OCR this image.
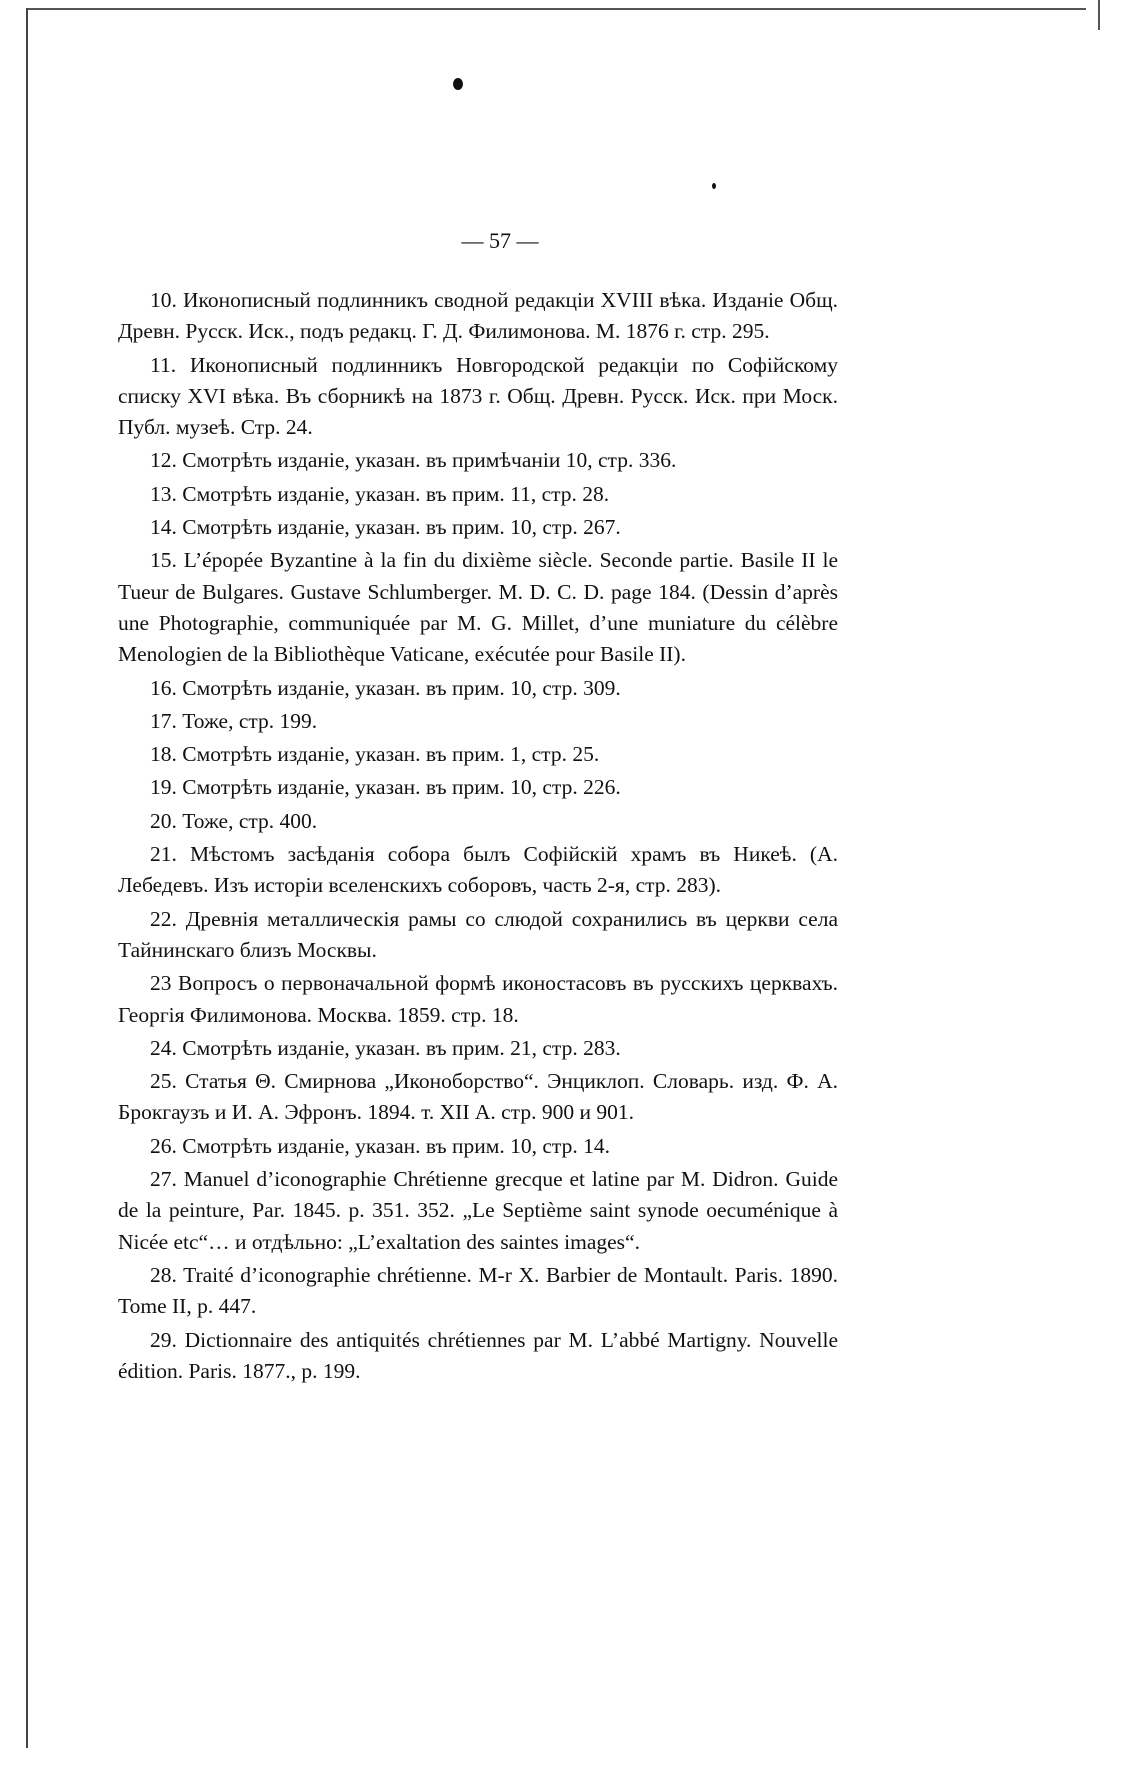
— 57 —

10. Иконописный подлинникъ сводной редакціи XVIII вѣка. Изданіе Общ. Древн. Русск. Иск., подъ редакц. Г. Д. Филимонова. М. 1876 г. стр. 295.

11. Иконописный подлинникъ Новгородской редакціи по Софійскому списку XVI вѣка. Въ сборникѣ на 1873 г. Общ. Древн. Русск. Иск. при Моск. Публ. музеѣ. Стр. 24.

12. Смотрѣть изданіе, указан. въ примѣчаніи 10, стр. 336.

13. Смотрѣть изданіе, указан. въ прим. 11, стр. 28.

14. Смотрѣть изданіе, указан. въ прим. 10, стр. 267.

15. L’épopée Byzantine à la fin du dixième siècle. Seconde partie. Basile II le Tueur de Bulgares. Gustave Schlumberger. M. D. C. D. page 184. (Dessin d’après une Photographie, communiquée par M. G. Millet, d’une muniature du célèbre Menologien de la Bibliothèque Vaticane, exécutée pour Basile II).

16. Смотрѣть изданіе, указан. въ прим. 10, стр. 309.

17. Тоже, стр. 199.

18. Смотрѣть изданіе, указан. въ прим. 1, стр. 25.

19. Смотрѣть изданіе, указан. въ прим. 10, стр. 226.

20. Тоже, стр. 400.

21. Мѣстомъ засѣданія собора былъ Софійскій храмъ въ Никеѣ. (А. Лебедевъ. Изъ исторіи вселенскихъ соборовъ, часть 2-я, стр. 283).

22. Древнія металлическія рамы со слюдой сохранились въ церкви села Тайнинскаго близъ Москвы.

23 Вопросъ о первоначальной формѣ иконостасовъ въ русскихъ церквахъ. Георгія Филимонова. Москва. 1859. стр. 18.

24. Смотрѣть изданіе, указан. въ прим. 21, стр. 283.

25. Статья Θ. Смирнова „Иконоборство“. Энциклоп. Словарь. изд. Ф. А. Брокгаузъ и И. А. Эфронъ. 1894. т. XII А. стр. 900 и 901.

26. Смотрѣть изданіе, указан. въ прим. 10, стр. 14.

27. Manuel d’iconographie Chrétienne grecque et latine par M. Didron. Guide de la peinture, Par. 1845. p. 351. 352. „Le Septième saint synode oecuménique à Nicée etc“… и отдѣльно: „L’exaltation des saintes images“.

28. Traité d’iconographie chrétienne. M-r X. Barbier de Montault. Paris. 1890. Tome II, p. 447.

29. Dictionnaire des antiquités chrétiennes par M. L’abbé Martigny. Nouvelle édition. Paris. 1877., p. 199.
